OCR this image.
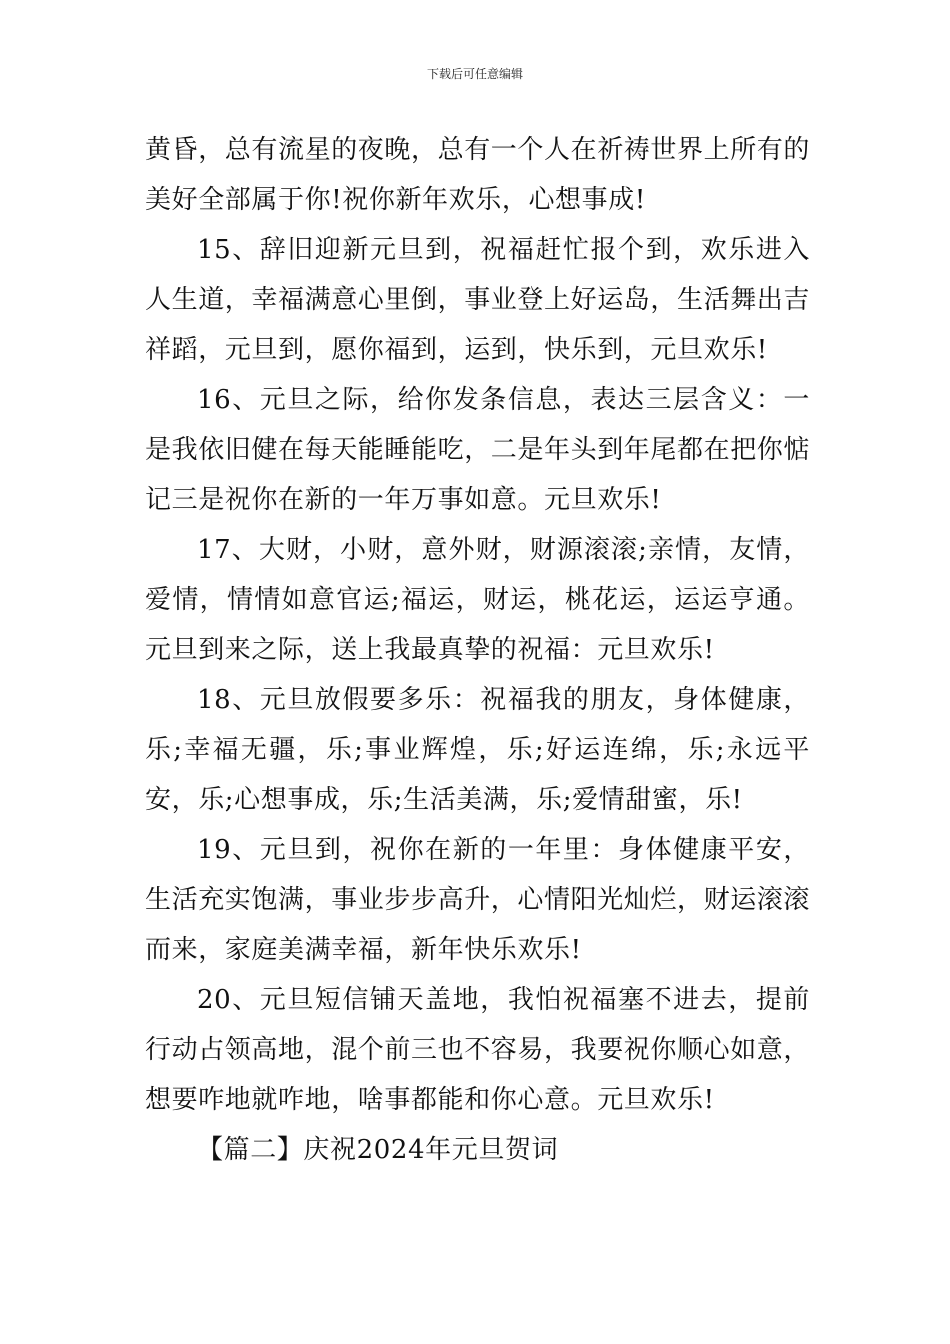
下载后可任意编辑

黄昏，总有流星的夜晚，总有一个人在祈祷世界上所有的美好全部属于你!祝你新年欢乐，心想事成!

15、辞旧迎新元旦到，祝福赶忙报个到，欢乐进入人生道，幸福满意心里倒，事业登上好运岛，生活舞出吉祥蹈，元旦到，愿你福到，运到，快乐到，元旦欢乐!

16、元旦之际，给你发条信息，表达三层含义：一是我依旧健在每天能睡能吃，二是年头到年尾都在把你惦记三是祝你在新的一年万事如意。元旦欢乐!

17、大财，小财，意外财，财源滚滚;亲情，友情，爱情，情情如意官运;福运，财运，桃花运，运运亨通。元旦到来之际，送上我最真挚的祝福：元旦欢乐!

18、元旦放假要多乐：祝福我的朋友，身体健康，乐;幸福无疆，乐;事业辉煌，乐;好运连绵，乐;永远平安，乐;心想事成，乐;生活美满，乐;爱情甜蜜，乐!

19、元旦到，祝你在新的一年里：身体健康平安，生活充实饱满，事业步步高升，心情阳光灿烂，财运滚滚而来，家庭美满幸福，新年快乐欢乐!

20、元旦短信铺天盖地，我怕祝福塞不进去，提前行动占领高地，混个前三也不容易，我要祝你顺心如意，想要咋地就咋地，啥事都能和你心意。元旦欢乐!

【篇二】庆祝2024年元旦贺词
